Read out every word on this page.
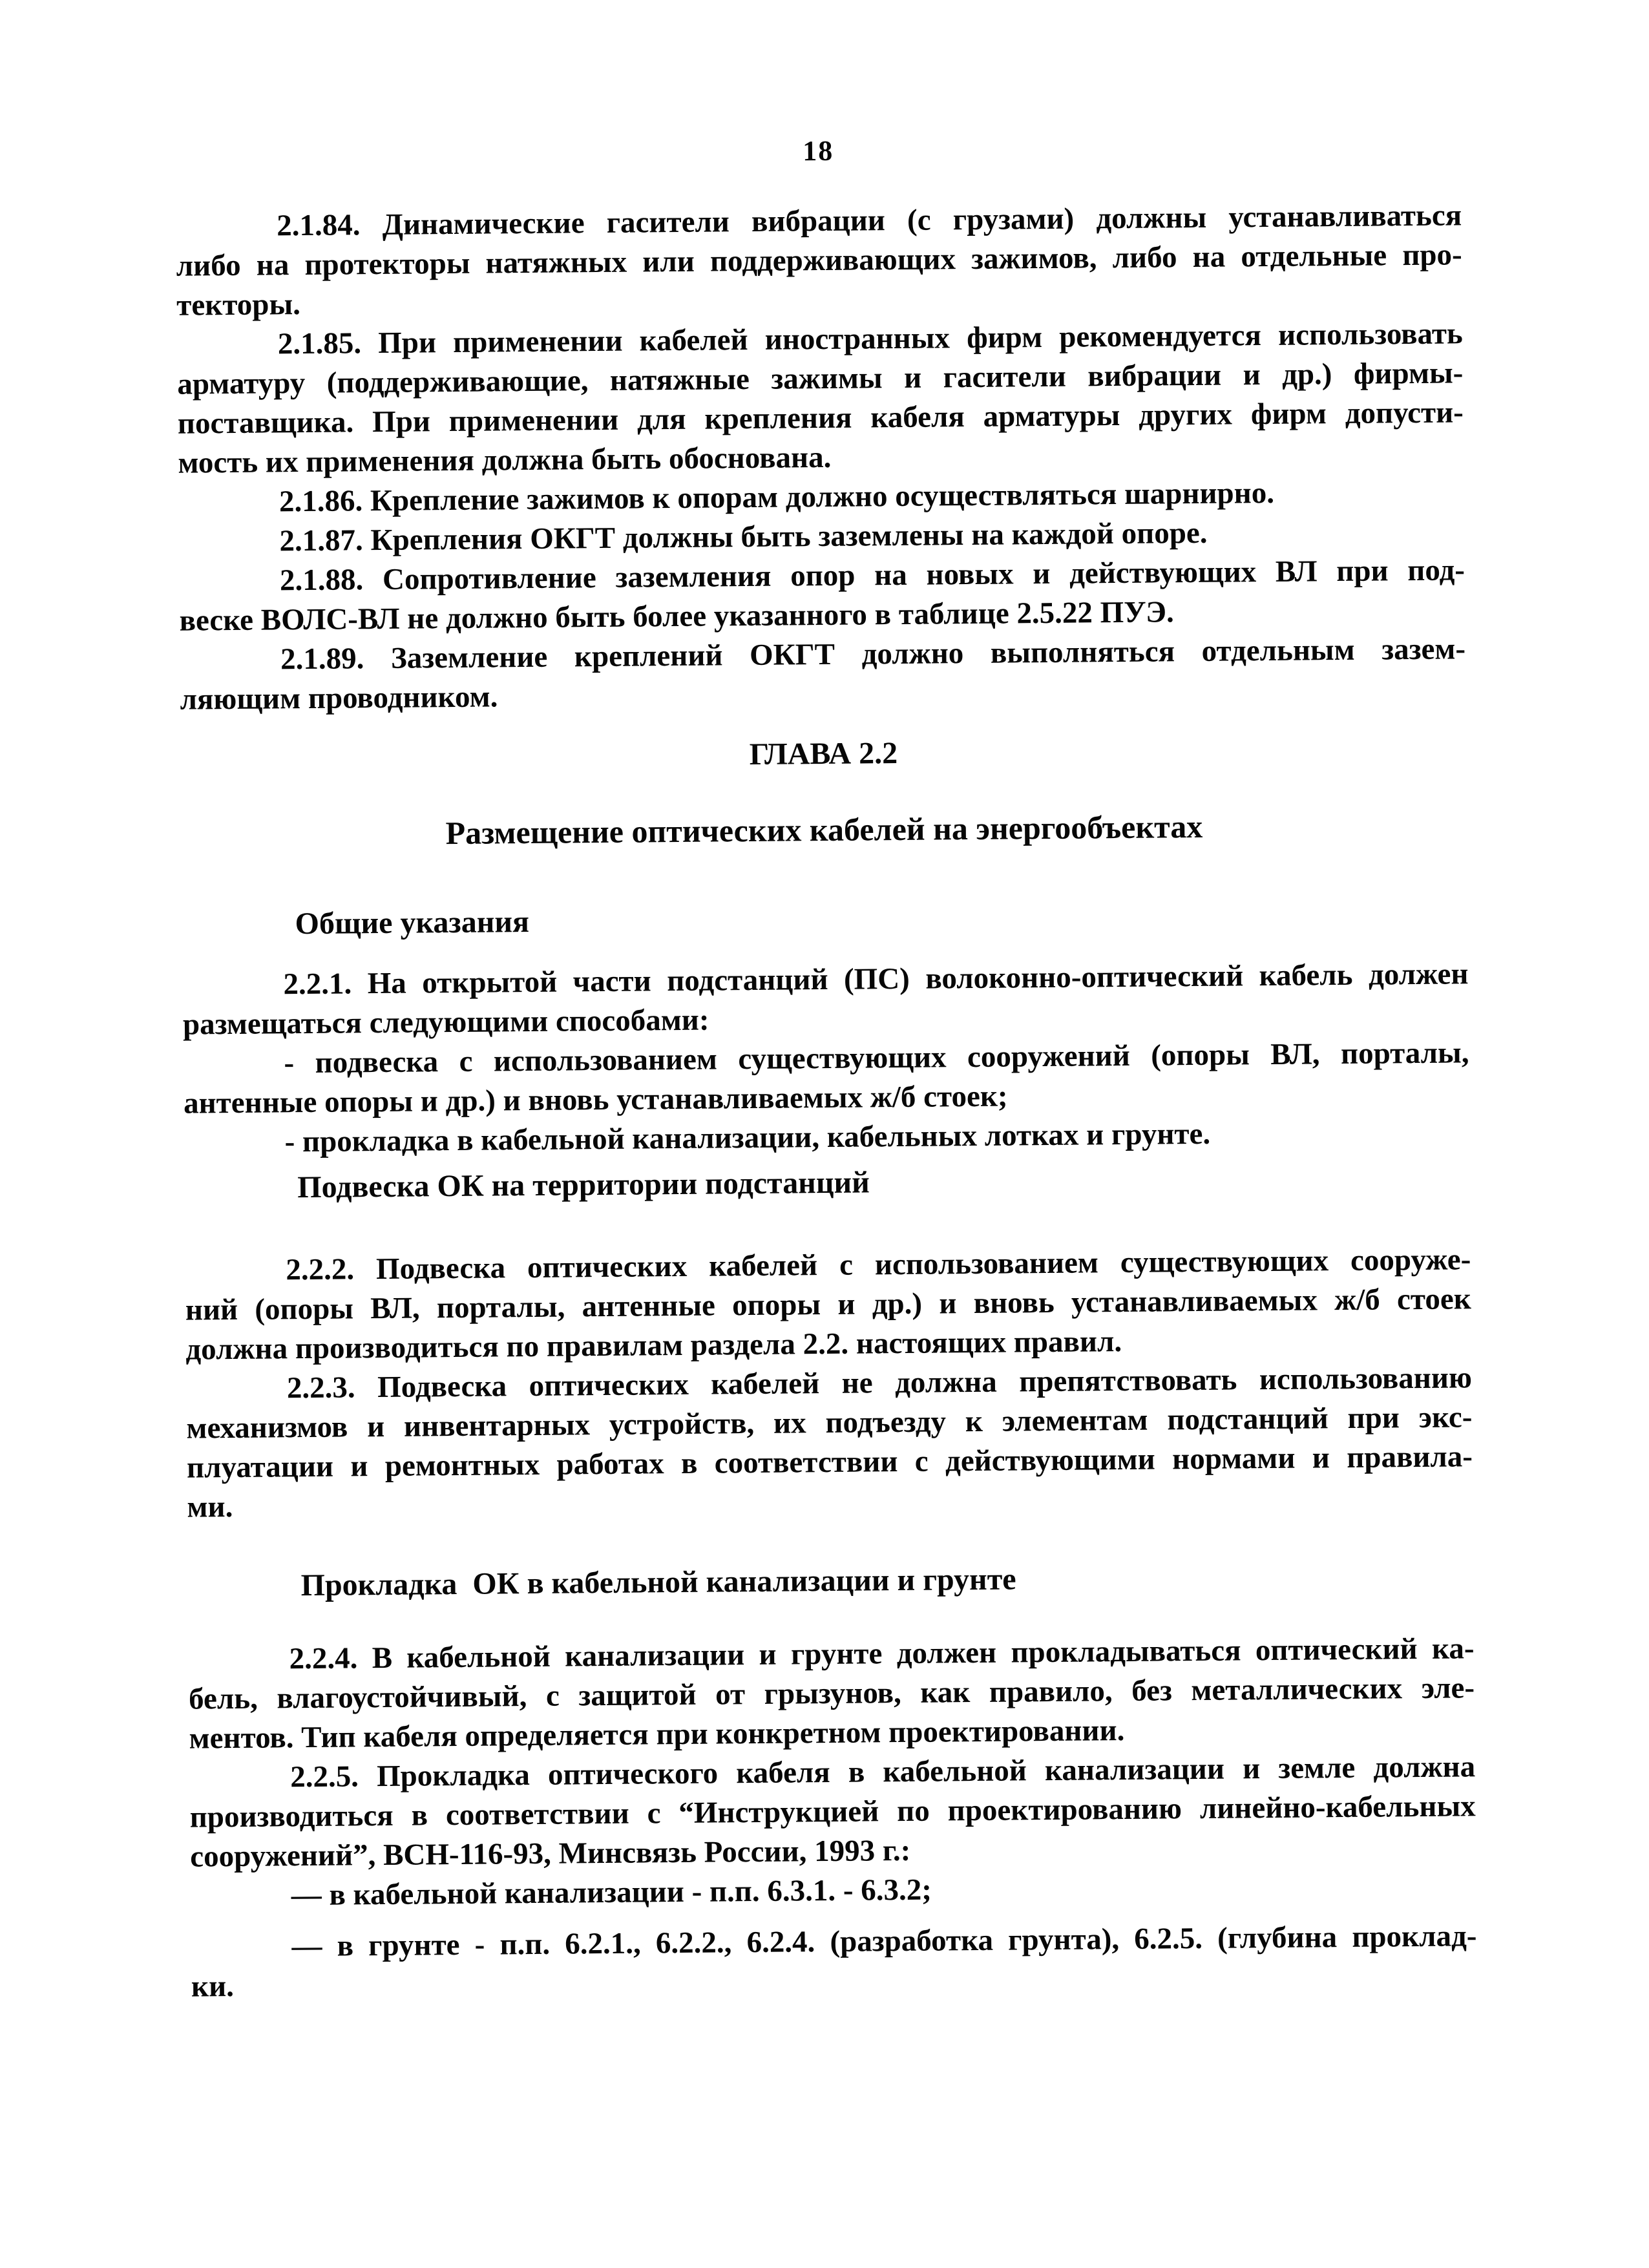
18
2.1.84. Динамические гасители вибрации (с грузами) должны устанавливаться
либо на протекторы натяжных или поддерживающих зажимов, либо на отдельные про-
текторы.
2.1.85. При применении кабелей иностранных фирм рекомендуется использовать
арматуру (поддерживающие, натяжные зажимы и гасители вибрации и др.) фирмы-
поставщика. При применении для крепления кабеля арматуры других фирм допусти-
мость их применения должна быть обоснована.
2.1.86. Крепление зажимов к опорам должно осуществляться шарнирно.
2.1.87. Крепления ОКГТ должны быть заземлены на каждой опоре.
2.1.88. Сопротивление заземления опор на новых и действующих ВЛ при под-
веске ВОЛС-ВЛ не должно быть более указанного в таблице 2.5.22 ПУЭ.
2.1.89. Заземление креплений ОКГТ должно выполняться отдельным зазем-
ляющим проводником.
ГЛАВА 2.2
Размещение оптических кабелей на энергообъектах
Общие указания
2.2.1. На открытой части подстанций (ПС) волоконно-оптический кабель должен
размещаться следующими способами:
- подвеска с использованием существующих сооружений (опоры ВЛ, порталы,
антенные опоры и др.) и вновь устанавливаемых ж/б стоек;
- прокладка в кабельной канализации, кабельных лотках и грунте.
Подвеска ОК на территории подстанций
2.2.2. Подвеска оптических кабелей с использованием существующих сооруже-
ний (опоры ВЛ, порталы, антенные опоры и др.) и вновь устанавливаемых ж/б стоек
должна производиться по правилам раздела 2.2. настоящих правил.
2.2.3. Подвеска оптических кабелей не должна препятствовать использованию
механизмов и инвентарных устройств, их подъезду к элементам подстанций при экс-
плуатации и ремонтных работах в соответствии с действующими нормами и правила-
ми.
Прокладка  ОК в кабельной канализации и грунте
2.2.4. В кабельной канализации и грунте должен прокладываться оптический ка-
бель, влагоустойчивый, с защитой от грызунов, как правило, без металлических эле-
ментов. Тип кабеля определяется при конкретном проектировании.
2.2.5. Прокладка оптического кабеля в кабельной канализации и земле должна
производиться в соответствии с “Инструкцией по проектированию линейно-кабельных
сооружений”, ВСН-116-93, Минсвязь России, 1993 г.:
— в кабельной канализации - п.п. 6.3.1. - 6.3.2;
— в грунте - п.п. 6.2.1., 6.2.2., 6.2.4. (разработка грунта), 6.2.5. (глубина проклад-
ки.
